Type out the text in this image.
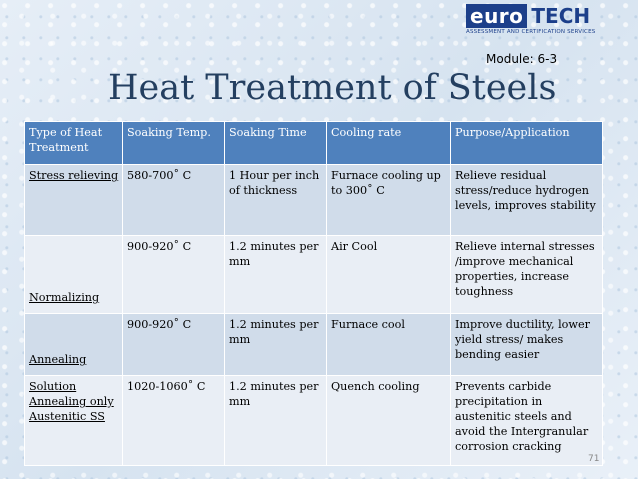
euro TECH
ASSESSMENT AND CERTIFICATION SERVICES
Module: 6-3
Heat Treatment of Steels
Type of Heat Treatment	Soaking Temp.	Soaking Time	Cooling rate	Purpose/Application
Stress relieving	580-700˚ C	1 Hour per inch of thickness	Furnace cooling up to 300˚ C	Relieve residual stress/reduce hydrogen levels, improves stability
Normalizing	900-920˚ C	1.2 minutes per mm	Air Cool	Relieve internal stresses /improve mechanical properties, increase toughness
Annealing	900-920˚ C	1.2 minutes per mm	Furnace cool	Improve ductility, lower yield stress/ makes bending easier
Solution Annealing only Austenitic SS	1020-1060˚ C	1.2 minutes per mm	Quench cooling	Prevents carbide precipitation in austenitic steels and avoid the Intergranular corrosion cracking
71
